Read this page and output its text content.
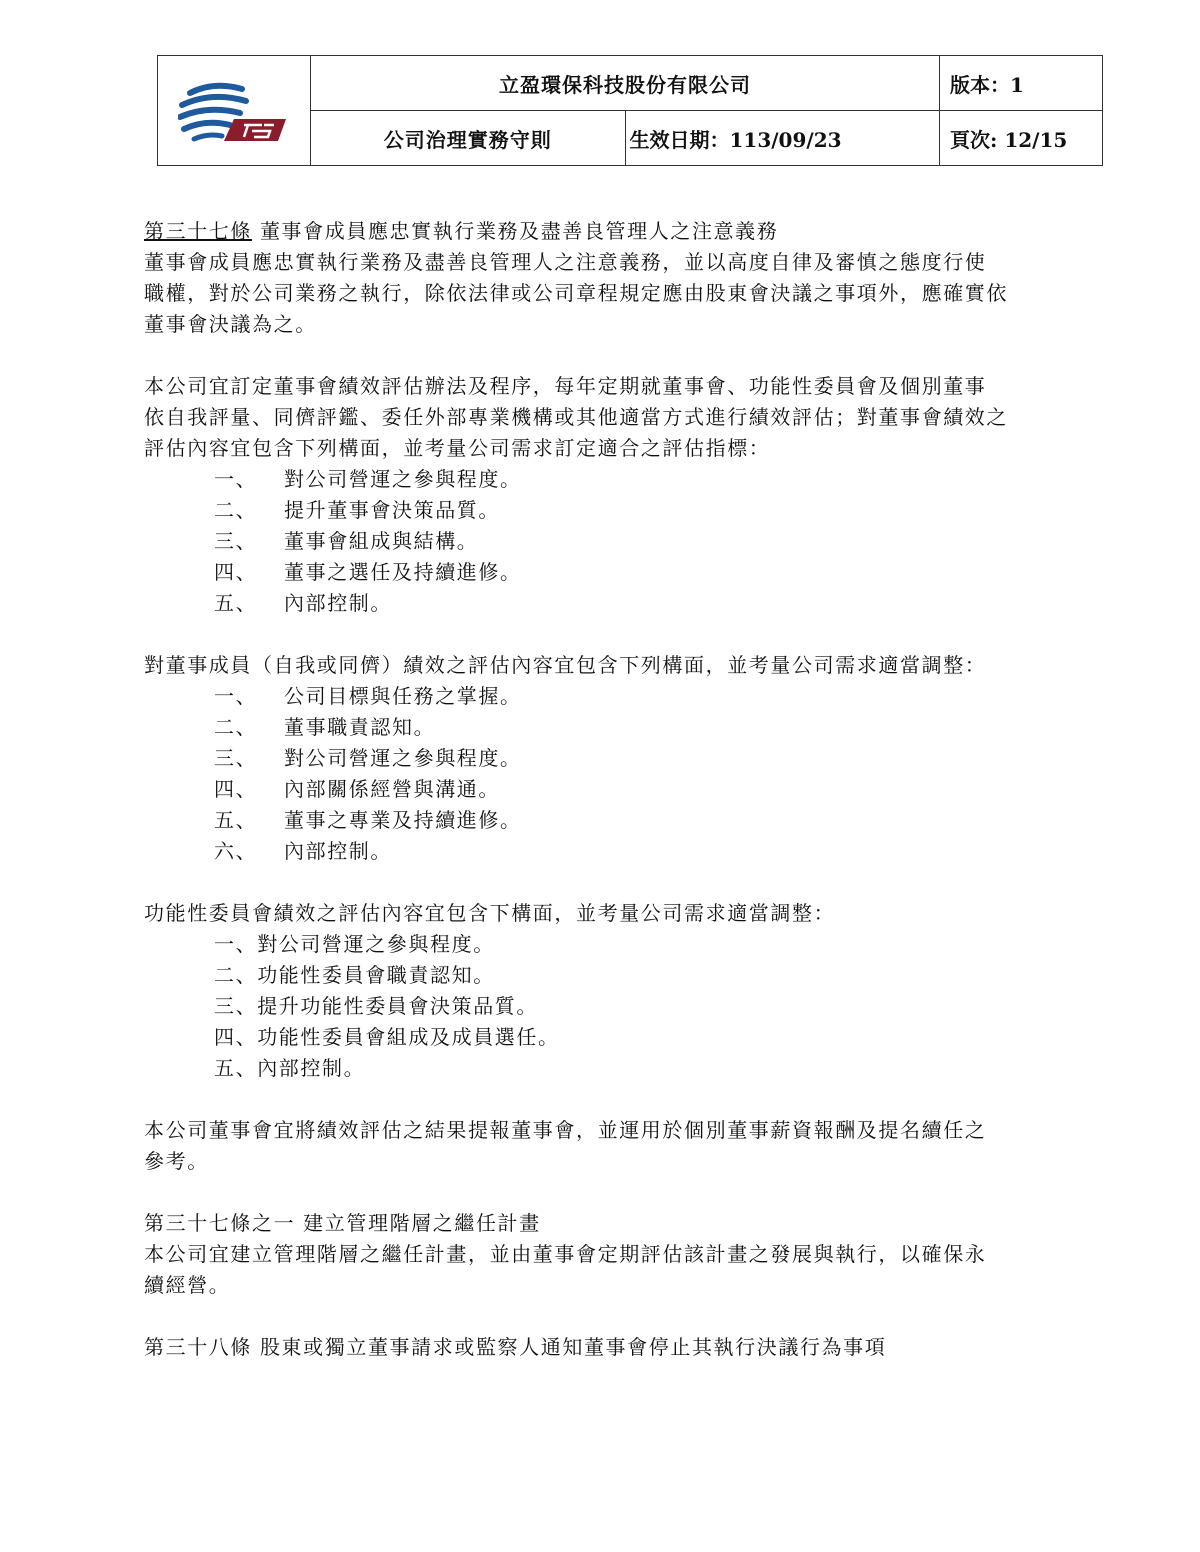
	立盈環保科技股份有限公司		版本：1
	公司治理實務守則	生效日期：113/09/23	頁次: 12/15

第三十七條 董事會成員應忠實執行業務及盡善良管理人之注意義務

董事會成員應忠實執行業務及盡善良管理人之注意義務，並以高度自律及審慎之態度行使

職權，對於公司業務之執行，除依法律或公司章程規定應由股東會決議之事項外，應確實依

董事會決議為之。

本公司宜訂定董事會績效評估辦法及程序，每年定期就董事會、功能性委員會及個別董事

依自我評量、同儕評鑑、委任外部專業機構或其他適當方式進行績效評估；對董事會績效之

評估內容宜包含下列構面，並考量公司需求訂定適合之評估指標：

一、 對公司營運之參與程度。

二、 提升董事會決策品質。

三、 董事會組成與結構。

四、 董事之選任及持續進修。

五、 內部控制。

對董事成員（自我或同儕）績效之評估內容宜包含下列構面，並考量公司需求適當調整：

一、 公司目標與任務之掌握。

二、 董事職責認知。

三、 對公司營運之參與程度。

四、 內部關係經營與溝通。

五、 董事之專業及持續進修。

六、 內部控制。

功能性委員會績效之評估內容宜包含下構面，並考量公司需求適當調整：

一、對公司營運之參與程度。

二、功能性委員會職責認知。

三、提升功能性委員會決策品質。

四、功能性委員會組成及成員選任。

五、內部控制。

本公司董事會宜將績效評估之結果提報董事會，並運用於個別董事薪資報酬及提名續任之

參考。

第三十七條之一 建立管理階層之繼任計畫

本公司宜建立管理階層之繼任計畫，並由董事會定期評估該計畫之發展與執行，以確保永

續經營。

第三十八條 股東或獨立董事請求或監察人通知董事會停止其執行決議行為事項
